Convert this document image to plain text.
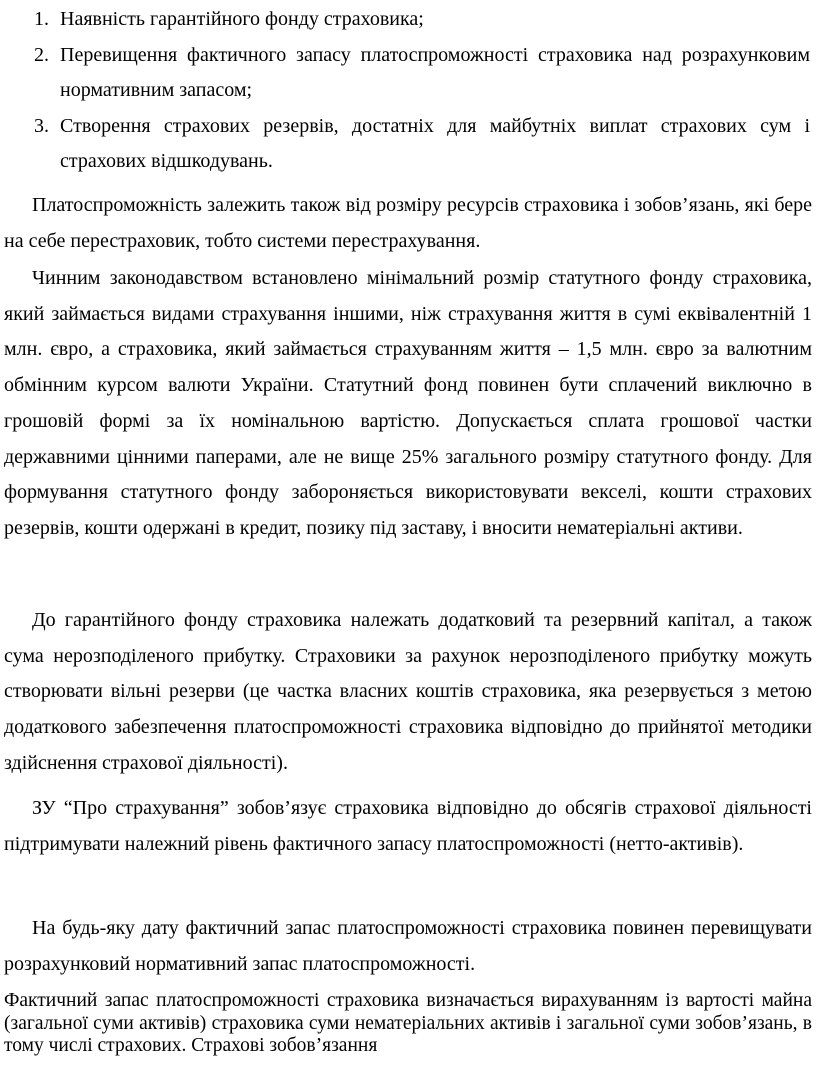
1. Наявність гарантійного фонду страховика;
2. Перевищення фактичного запасу платоспроможності страховика над розрахунковим нормативним запасом;
3. Створення страхових резервів, достатніх для майбутніх виплат страхових сум і страхових відшкодувань.

Платоспроможність залежить також від розміру ресурсів страховика і зобов’язань, які бере на себе перестраховик, тобто системи перестрахування.

Чинним законодавством встановлено мінімальний розмір статутного фонду страховика, який займається видами страхування іншими, ніж страхування життя в сумі еквівалентній 1 млн. євро, а страховика, який займається страхуванням життя – 1,5 млн. євро за валютним обмінним курсом валюти України. Статутний фонд повинен бути сплачений виключно в грошовій формі за їх номінальною вартістю. Допускається сплата грошової частки державними цінними паперами, але не вище 25% загального розміру статутного фонду. Для формування статутного фонду забороняється використовувати векселі, кошти страхових резервів, кошти одержані в кредит, позику під заставу, і вносити нематеріальні активи.

До гарантійного фонду страховика належать додатковий та резервний капітал, а також сума нерозподіленого прибутку. Страховики за рахунок нерозподіленого прибутку можуть створювати вільні резерви (це частка власних коштів страховика, яка резервується з метою додаткового забезпечення платоспроможності страховика відповідно до прийнятої методики здійснення страхової діяльності).

ЗУ “Про страхування” зобов’язує страховика відповідно до обсягів страхової діяльності підтримувати належний рівень фактичного запасу платоспроможності (нетто-активів).

На будь-яку дату фактичний запас платоспроможності страховика повинен перевищувати розрахунковий нормативний запас платоспроможності.

Фактичний запас платоспроможності страховика визначається вирахуванням із вартості майна (загальної суми активів) страховика суми нематеріальних активів і загальної суми зобов’язань, в тому числі страхових. Страхові зобов’язання
